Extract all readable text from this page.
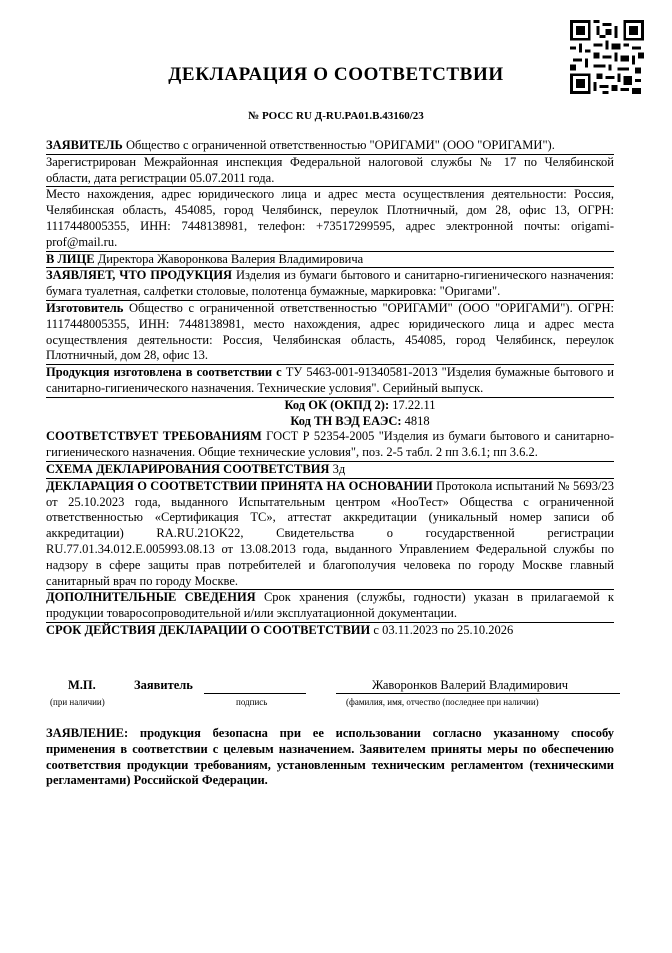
ДЕКЛАРАЦИЯ О СООТВЕТСТВИИ
№ РОСС RU Д-RU.PA01.B.43160/23
ЗАЯВИТЕЛЬ Общество с ограниченной ответственностью "ОРИГАМИ" (ООО "ОРИГАМИ").
Зарегистрирован Межрайонная инспекция Федеральной налоговой службы № 17 по Челябинской области, дата регистрации 05.07.2011 года.
Место нахождения, адрес юридического лица и адрес места осуществления деятельности: Россия, Челябинская область, 454085, город Челябинск, переулок Плотничный, дом 28, офис 13, ОГРН: 1117448005355, ИНН: 7448138981, телефон: +73517299595, адрес электронной почты: origami-prof@mail.ru.
В ЛИЦЕ Директора Жаворонкова Валерия Владимировича
ЗАЯВЛЯЕТ, ЧТО ПРОДУКЦИЯ Изделия из бумаги бытового и санитарно-гигиенического назначения: бумага туалетная, салфетки столовые, полотенца бумажные, маркировка: "Оригами".
Изготовитель Общество с ограниченной ответственностью "ОРИГАМИ" (ООО "ОРИГАМИ"). ОГРН: 1117448005355, ИНН: 7448138981, место нахождения, адрес юридического лица и адрес места осуществления деятельности: Россия, Челябинская область, 454085, город Челябинск, переулок Плотничный, дом 28, офис 13.
Продукция изготовлена в соответствии с ТУ 5463-001-91340581-2013 "Изделия бумажные бытового и санитарно-гигиенического назначения. Технические условия". Серийный выпуск.
Код ОК (ОКПД 2): 17.22.11
Код ТН ВЭД ЕАЭС: 4818
СООТВЕТСТВУЕТ ТРЕБОВАНИЯМ ГОСТ Р 52354-2005 "Изделия из бумаги бытового и санитарно-гигиенического назначения. Общие технические условия", поз. 2-5 табл. 2 пп 3.6.1; пп 3.6.2.
СХЕМА ДЕКЛАРИРОВАНИЯ СООТВЕТСТВИЯ 3д
ДЕКЛАРАЦИЯ О СООТВЕТСТВИИ ПРИНЯТА НА ОСНОВАНИИ Протокола испытаний № 5693/23 от 25.10.2023 года, выданного Испытательным центром «НооТест» Общества с ограниченной ответственностью «Сертификация ТС», аттестат аккредитации (уникальный номер записи об аккредитации) RA.RU.21OK22, Свидетельства о государственной регистрации RU.77.01.34.012.E.005993.08.13 от 13.08.2013 года, выданного Управлением Федеральной службы по надзору в сфере защиты прав потребителей и благополучия человека по городу Москве главный санитарный врач по городу Москве.
ДОПОЛНИТЕЛЬНЫЕ СВЕДЕНИЯ Срок хранения (службы, годности) указан в прилагаемой к продукции товаросопроводительной и/или эксплуатационной документации.
СРОК ДЕЙСТВИЯ ДЕКЛАРАЦИИ О СООТВЕТСТВИИ с 03.11.2023 по 25.10.2026
М.П.
(при наличии)
Заявитель
подпись
Жаворонков Валерий Владимирович
(фамилия, имя, отчество (последнее при наличии)
ЗАЯВЛЕНИЕ: продукция безопасна при ее использовании согласно указанному способу применения в соответствии с целевым назначением. Заявителем приняты меры по обеспечению соответствия продукции требованиям, установленным техническим регламентом (техническими регламентами) Российской Федерации.
